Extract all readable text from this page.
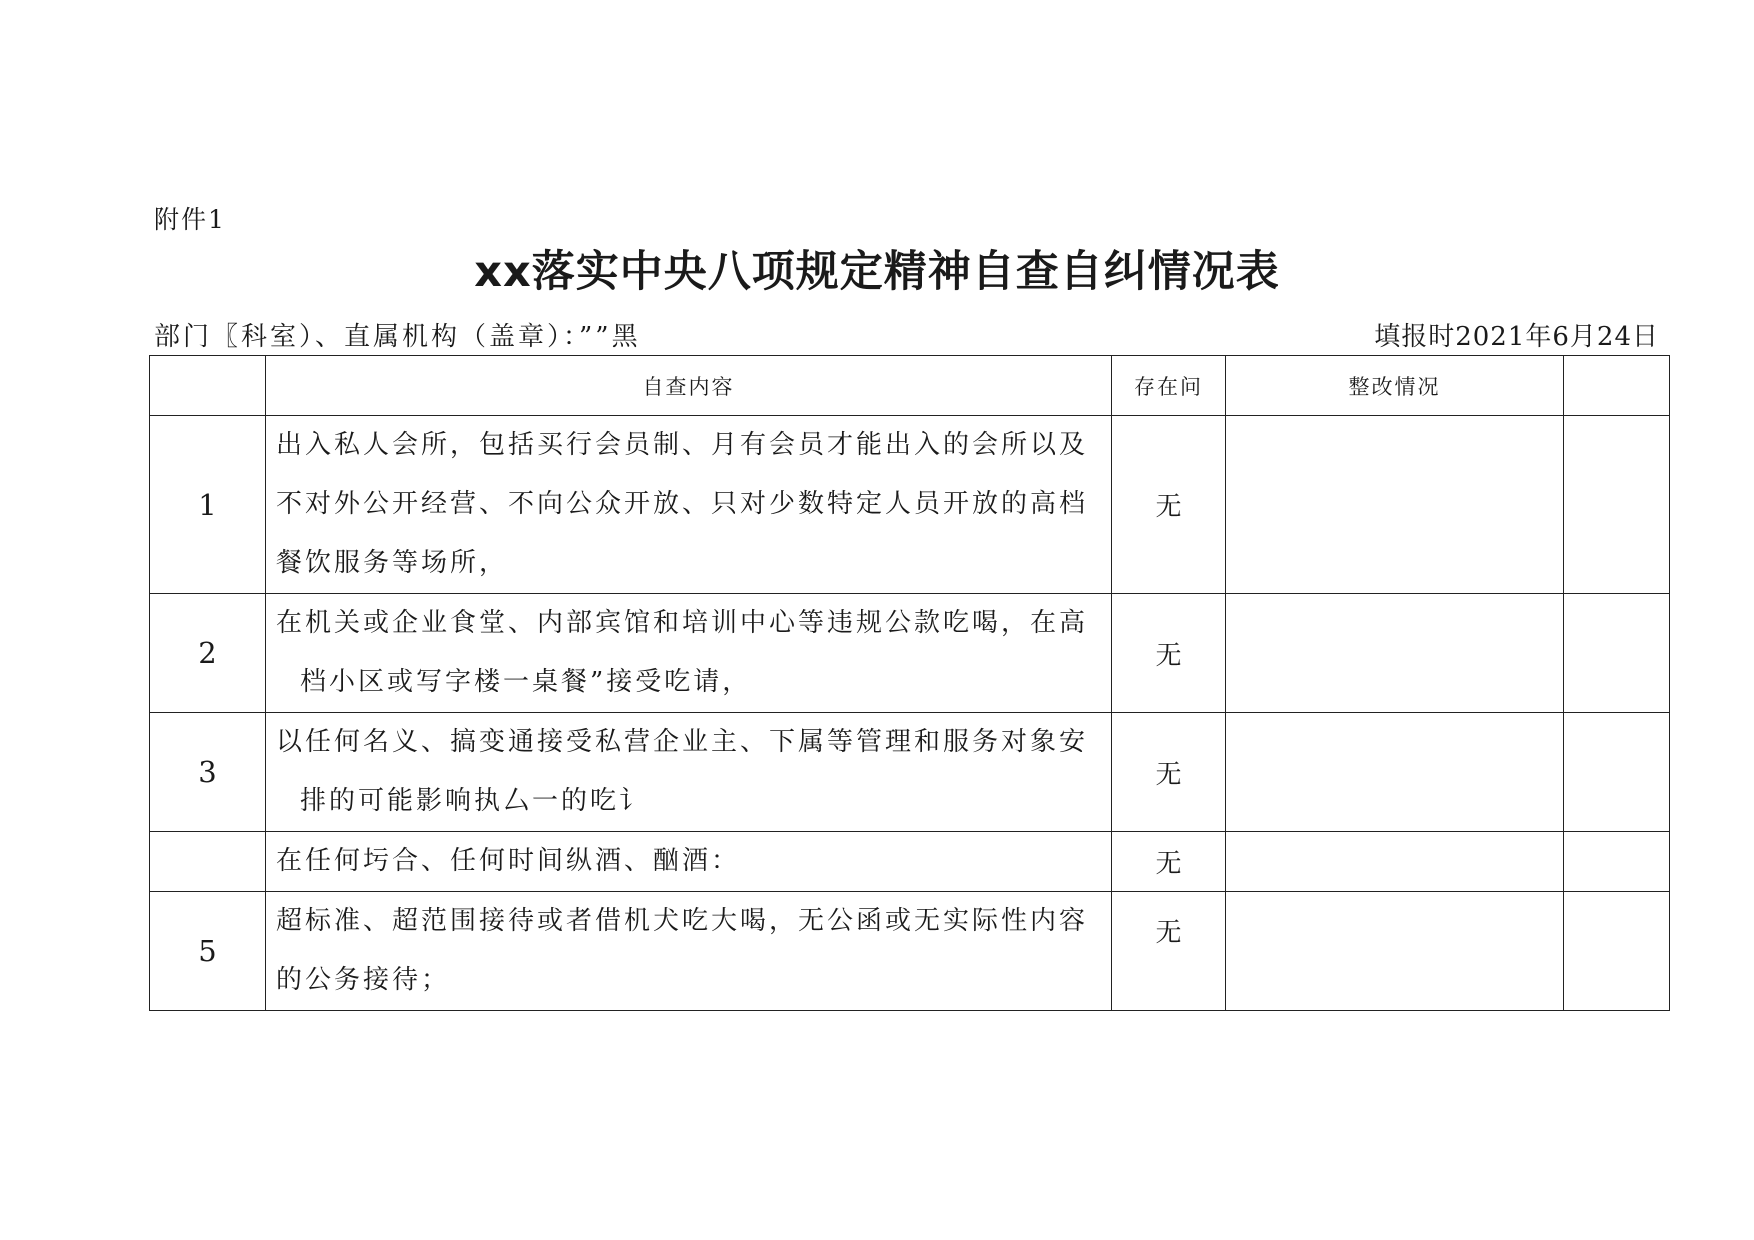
附件1
xx落实中央八项规定精神自查自纠情况表
部门〖科室）、直属机构（盖章）：””黑	填报时2021年6月24日
	自查内容	存在问	整改情况	
1	出入私人会所，包括买行会员制、月有会员才能出入的会所以及
不对外公开经营、不向公众开放、只对少数特定人员开放的高档
餐饮服务等场所，	无		
2	在机关或企业食堂、内部宾馆和培训中心等违规公款吃喝，在高
档小区或写字楼一桌餐”接受吃请，	无		
3	以任何名义、搞变通接受私营企业主、下属等管理和服务对象安
排的可能影响执厶一的吃讠	无		

	在任何圬合、任何时间纵酒、酗酒：	无		
5	超标准、超范围接待或者借机犬吃大喝，无公函或无实际性内容
的公务接待；	无		
